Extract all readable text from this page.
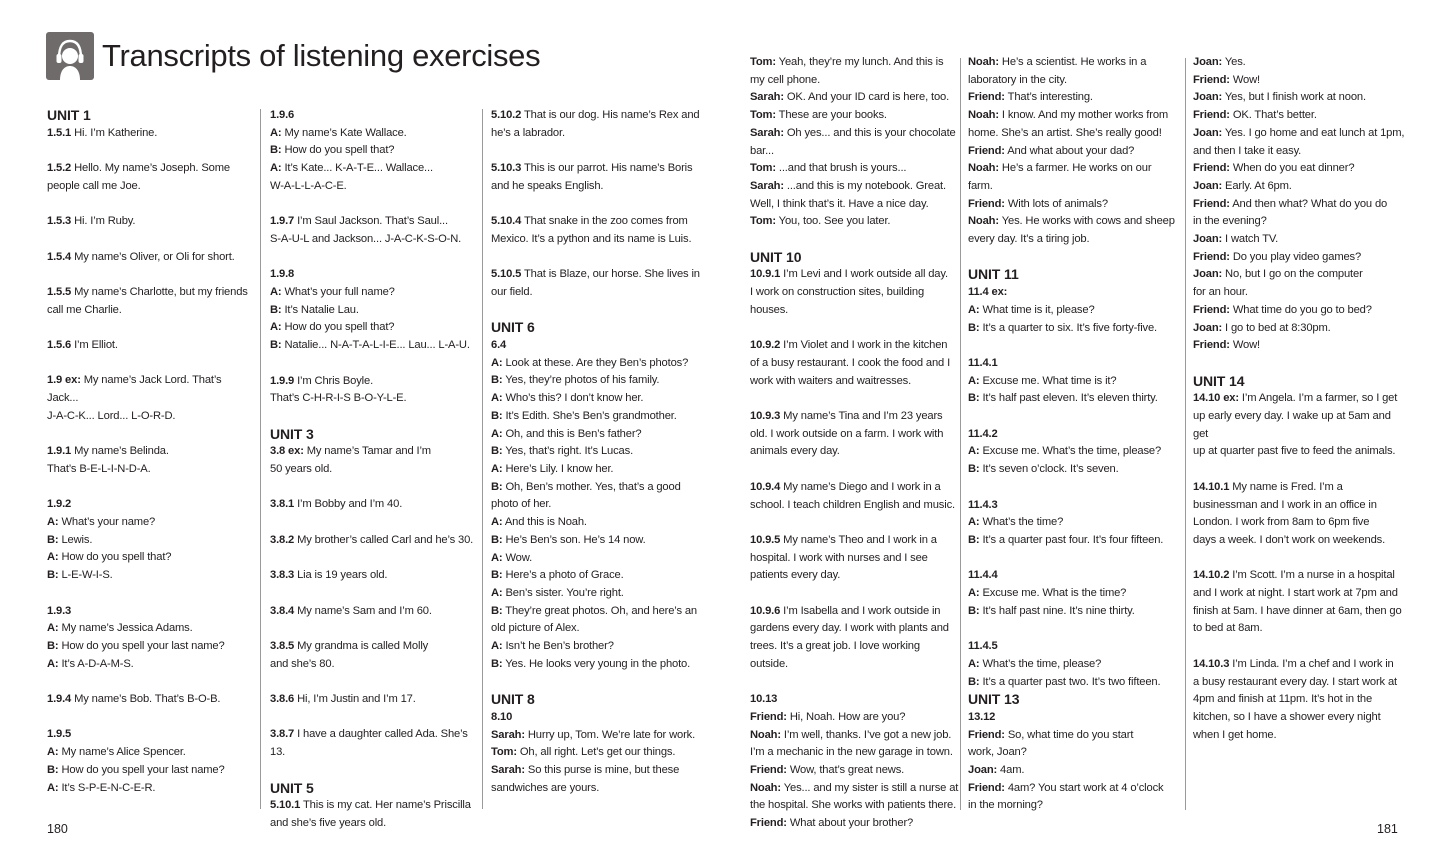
Transcripts of listening exercises

UNIT 1

1.5.1 Hi. I’m Katherine.

1.5.2 Hello. My name’s Joseph. Some

people call me Joe.

1.5.3 Hi. I’m Ruby.

1.5.4 My name’s Oliver, or Oli for short.

1.5.5 My name’s Charlotte, but my friends

call me Charlie.

1.5.6 I’m Elliot.

1.9 ex: My name’s Jack Lord. That’s Jack...

J-A-C-K... Lord... L-O-R-D.

1.9.1 My name’s Belinda.

That’s B-E-L-I-N-D-A.

1.9.2

A: What’s your name?

B: Lewis.

A: How do you spell that?

B: L-E-W-I-S.

1.9.3

A: My name’s Jessica Adams.

B: How do you spell your last name?

A: It’s A-D-A-M-S.

1.9.4 My name’s Bob. That’s B-O-B.

1.9.5

A: My name’s Alice Spencer.

B: How do you spell your last name?

A: It’s S-P-E-N-C-E-R.

1.9.6

A: My name’s Kate Wallace.

B: How do you spell that?

A: It’s Kate... K-A-T-E... Wallace...

W-A-L-L-A-C-E.

1.9.7 I’m Saul Jackson. That’s Saul...

S-A-U-L and Jackson... J-A-C-K-S-O-N.

1.9.8

A: What’s your full name?

B: It’s Natalie Lau.

A: How do you spell that?

B: Natalie... N-A-T-A-L-I-E... Lau... L-A-U.

1.9.9 I’m Chris Boyle.

That’s C-H-R-I-S B-O-Y-L-E.

UNIT 3

3.8 ex: My name’s Tamar and I’m

50 years old.

3.8.1 I’m Bobby and I’m 40.

3.8.2 My brother’s called Carl and he’s 30.

3.8.3 Lia is 19 years old.

3.8.4 My name’s Sam and I’m 60.

3.8.5 My grandma is called Molly

and she’s 80.

3.8.6 Hi, I’m Justin and I’m 17.

3.8.7 I have a daughter called Ada. She’s 13.

UNIT 5

5.10.1 This is my cat. Her name’s Priscilla

and she’s five years old.

5.10.2 That is our dog. His name’s Rex and

he’s a labrador.

5.10.3 This is our parrot. His name’s Boris

and he speaks English.

5.10.4 That snake in the zoo comes from

Mexico. It’s a python and its name is Luis.

5.10.5 That is Blaze, our horse. She lives in

our field.

UNIT 6

6.4

A: Look at these. Are they Ben’s photos?

B: Yes, they’re photos of his family.

A: Who’s this? I don’t know her.

B: It’s Edith. She’s Ben’s grandmother.

A: Oh, and this is Ben’s father?

B: Yes, that’s right. It’s Lucas.

A: Here’s Lily. I know her.

B: Oh, Ben’s mother. Yes, that’s a good

photo of her.

A: And this is Noah.

B: He’s Ben’s son. He’s 14 now.

A: Wow.

B: Here’s a photo of Grace.

A: Ben’s sister. You’re right.

B: They’re great photos. Oh, and here’s an

old picture of Alex.

A: Isn’t he Ben’s brother?

B: Yes. He looks very young in the photo.

UNIT 8

8.10

Sarah: Hurry up, Tom. We’re late for work.

Tom: Oh, all right. Let’s get our things.

Sarah: So this purse is mine, but these

sandwiches are yours.

Tom: Yeah, they’re my lunch. And this is

my cell phone.

Sarah: OK. And your ID card is here, too.

Tom: These are your books.

Sarah: Oh yes... and this is your chocolate

bar...

Tom: ...and that brush is yours...

Sarah: ...and this is my notebook. Great.

Well, I think that’s it. Have a nice day.

Tom: You, too. See you later.

UNIT 10

10.9.1 I’m Levi and I work outside all day.

I work on construction sites, building houses.

10.9.2 I’m Violet and I work in the kitchen

of a busy restaurant. I cook the food and I

work with waiters and waitresses.

10.9.3 My name’s Tina and I’m 23 years

old. I work outside on a farm. I work with

animals every day.

10.9.4 My name’s Diego and I work in a

school. I teach children English and music.

10.9.5 My name’s Theo and I work in a

hospital. I work with nurses and I see

patients every day.

10.9.6 I’m Isabella and I work outside in

gardens every day. I work with plants and

trees. It’s a great job. I love working outside.

10.13

Friend: Hi, Noah. How are you?

Noah: I’m well, thanks. I’ve got a new job.

I’m a mechanic in the new garage in town.

Friend: Wow, that’s great news.

Noah: Yes... and my sister is still a nurse at

the hospital. She works with patients there.

Friend: What about your brother?

Noah: He’s a scientist. He works in a

laboratory in the city.

Friend: That’s interesting.

Noah: I know. And my mother works from

home. She’s an artist. She’s really good!

Friend: And what about your dad?

Noah: He’s a farmer. He works on our farm.

Friend: With lots of animals?

Noah: Yes. He works with cows and sheep

every day. It’s a tiring job.

UNIT 11

11.4 ex:

A: What time is it, please?

B: It’s a quarter to six. It’s five forty-five.

11.4.1

A: Excuse me. What time is it?

B: It’s half past eleven. It’s eleven thirty.

11.4.2

A: Excuse me. What’s the time, please?

B: It’s seven o’clock. It’s seven.

11.4.3

A: What’s the time?

B: It’s a quarter past four. It’s four fifteen.

11.4.4

A: Excuse me. What is the time?

B: It’s half past nine. It’s nine thirty.

11.4.5

A: What’s the time, please?

B: It’s a quarter past two. It’s two fifteen.

UNIT 13

13.12

Friend: So, what time do you start

work, Joan?

Joan: 4am.

Friend: 4am? You start work at 4 o’clock

in the morning?

Joan: Yes.

Friend: Wow!

Joan: Yes, but I finish work at noon.

Friend: OK. That’s better.

Joan: Yes. I go home and eat lunch at 1pm,

and then I take it easy.

Friend: When do you eat dinner?

Joan: Early. At 6pm.

Friend: And then what? What do you do

in the evening?

Joan: I watch TV.

Friend: Do you play video games?

Joan: No, but I go on the computer

for an hour.

Friend: What time do you go to bed?

Joan: I go to bed at 8:30pm.

Friend: Wow!

UNIT 14

14.10 ex: I’m Angela. I’m a farmer, so I get

up early every day. I wake up at 5am and get

up at quarter past five to feed the animals.

14.10.1 My name is Fred. I’m a

businessman and I work in an office in

London. I work from 8am to 6pm five

days a week. I don’t work on weekends.

14.10.2 I’m Scott. I’m a nurse in a hospital

and I work at night. I start work at 7pm and

finish at 5am. I have dinner at 6am, then go

to bed at 8am.

14.10.3 I’m Linda. I’m a chef and I work in

a busy restaurant every day. I start work at

4pm and finish at 11pm. It’s hot in the

kitchen, so I have a shower every night

when I get home.

180	181
